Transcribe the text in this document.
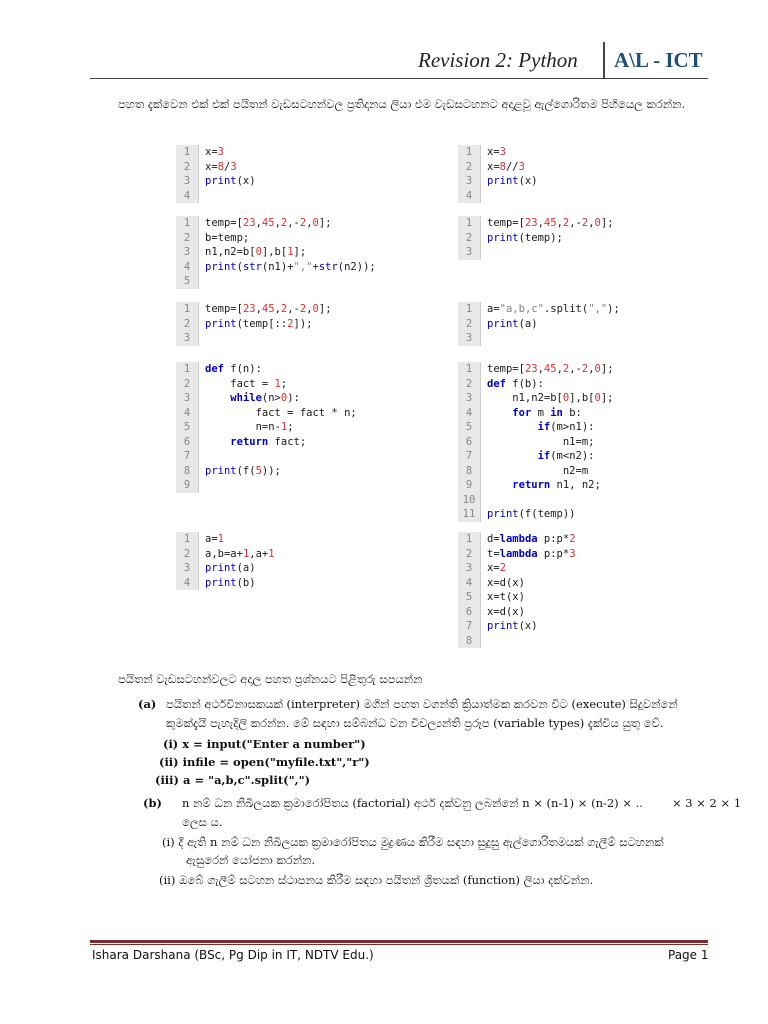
Revision 2: Python A\L - ICT
පහත දැක්වෙන එක් එක් පයිතන් වැඩසටහන්වල ප්‍රතිදානය ලියා එම වැඩසටහනට අදාළවූ ඇල්ගොරිතම පිහියෙල කරන්න.
1	x=3
2	x=8/3
3	print(x)
4
1	x=3
2	x=8//3
3	print(x)
4
1	temp=[23,45,2,-2,0];
2	b=temp;
3	n1,n2=b[0],b[1];
4	print(str(n1)+","+str(n2));
5
1	temp=[23,45,2,-2,0];
2	print(temp);
3
1	temp=[23,45,2,-2,0];
2	print(temp[::2]);
3
1	a="a,b,c".split(",");
2	print(a)
3
1	def f(n):
2	fact = 1;
3	while(n>0):
4	fact = fact * n;
5	n=n-1;
6	return fact;
7
8	print(f(5));
9
1	temp=[23,45,2,-2,0];
2	def f(b):
3	n1,n2=b[0],b[0];
4	for m in b:
5	if(m>n1):
6	n1=m;
7	if(m<n2):
8	n2=m
9	return n1, n2;
10
11	print(f(temp))
1	a=1
2	a,b=a+1,a+1
3	print(a)
4	print(b)
1	d=lambda p:p*2
2	t=lambda p:p*3
3	x=2
4	x=d(x)
5	x=t(x)
6	x=d(x)
7	print(x)
8
පයිතන් වැඩසටහන්වලට අදාල පහත ප්‍රශ්නයට පිළිතුරු සපයන්න
(a) පයිතන් අර්ථවිනාසකයක් (interpreter) මගින් පහත වගන්ති ක්‍රියාත්මක කරවන විට (execute) සිදුවන්නේ
කුමක්දැයි පැහැදිලි කරන්න. මේ සඳහා සම්බන්ධ වන විචල්‍යන්ති ප්‍රරූප (variable types) දැක්විය යුතු වේ.
(i) x = input("Enter a number")
(ii) infile = open("myfile.txt","r")
(iii) a = "a,b,c".split(",")
(b) n නම් ධන නිඛිලයක ක්‍රමාරෝපිතය (factorial) අර්ථ දක්වනු ලබන්නේ n × (n-1) × (n-2) × ..	× 3 × 2 × 1
ලෙස ය.
(i) දී ඇති n නම් ධන නිඛිලයක ක්‍රමාරෝපිතය මුද්‍රණය කිරීම සඳහා සුදුසු ඇල්ගොරිතමයක් ගැලීම් සටහනක්
ඇසුරෙන් යෝජනා කරන්න.
(ii) ඔබේ ගැලීම් සටහන ස්ථාපනය කිරීම සඳහා පයිතන් ශ්‍රිතයක් (function) ලියා දක්වන්න.
Ishara Darshana (BSc, Pg Dip in IT, NDTV Edu.)	Page 1
